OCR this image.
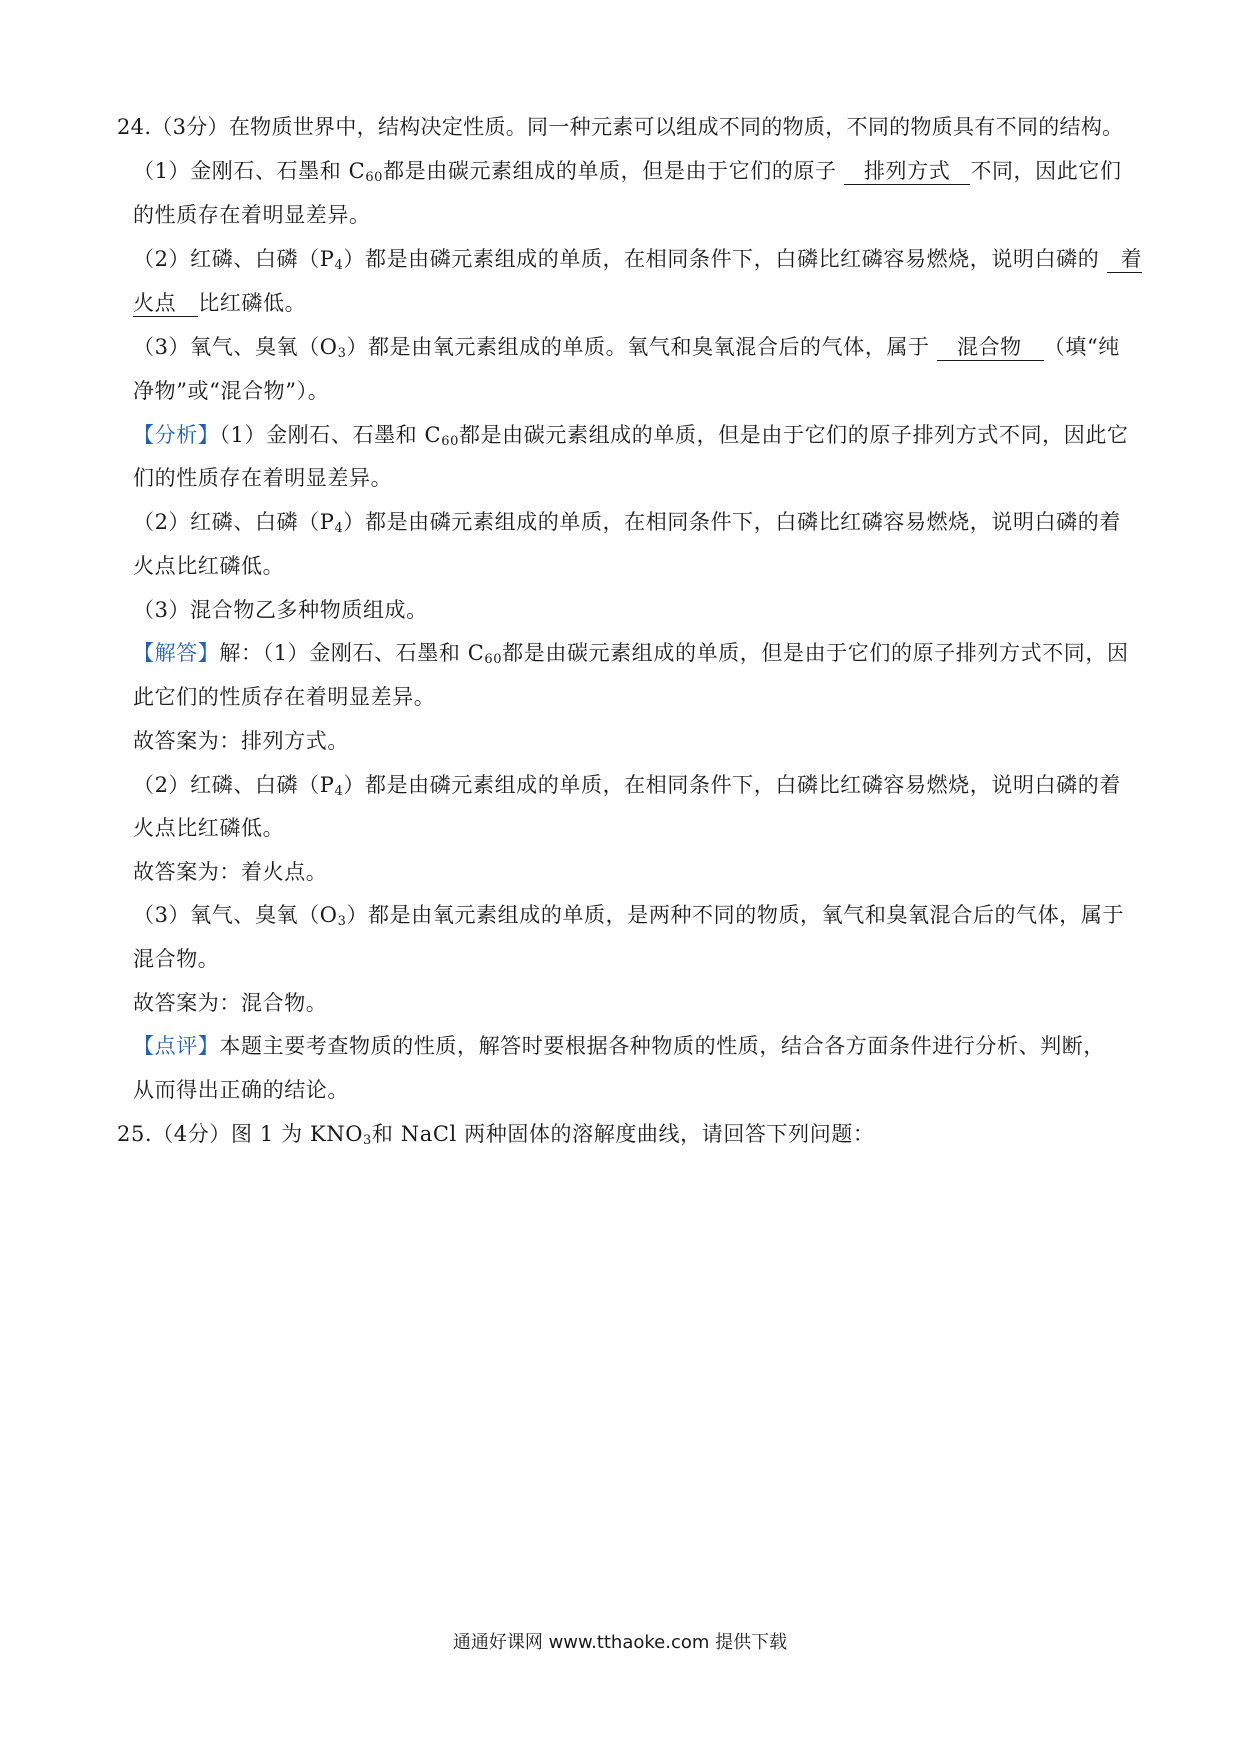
24.（3分）在物质世界中，结构决定性质。同一种元素可以组成不同的物质，不同的物质具有不同的结构。
（1）金刚石、石墨和 $C_{60}$都是由碳元素组成的单质，但是由于它们的原子 排列方式 不同，因此它们
的性质存在着明显差异。
（2）红磷、白磷$(P_4)$都是由磷元素组成的单质，在相同条件下，白磷比红磷容易燃烧，说明白磷的 着
火点 比红磷低。
（3）氧气、臭氧$(O_3)$都是由氧元素组成的单质。氧气和臭氧混合后的气体，属于 混合物 （填“纯
净物”或“混合物”）。
【分析】（1）金刚石、石墨和 $C_{60}$都是由碳元素组成的单质，但是由于它们的原子排列方式不同，因此它
们的性质存在着明显差异。
（2）红磷、白磷$(P_4)$都是由磷元素组成的单质，在相同条件下，白磷比红磷容易燃烧，说明白磷的着
火点比红磷低。
（3）混合物乙多种物质组成。
【解答】解：（1）金刚石、石墨和 $C_{60}$都是由碳元素组成的单质，但是由于它们的原子排列方式不同，因
此它们的性质存在着明显差异。
故答案为：排列方式。
（2）红磷、白磷$(P_4)$都是由磷元素组成的单质，在相同条件下，白磷比红磷容易燃烧，说明白磷的着
火点比红磷低。
故答案为：着火点。
（3）氧气、臭氧$(O_3)$都是由氧元素组成的单质，是两种不同的物质，氧气和臭氧混合后的气体，属于
混合物。
故答案为：混合物。
【点评】本题主要考查物质的性质，解答时要根据各种物质的性质，结合各方面条件进行分析、判断，
从而得出正确的结论。
25.（4分）图 1 为 $KNO_3$和 NaCl 两种固体的溶解度曲线，请回答下列问题：
通通好课网 www.tthaoke.com 提供下载
